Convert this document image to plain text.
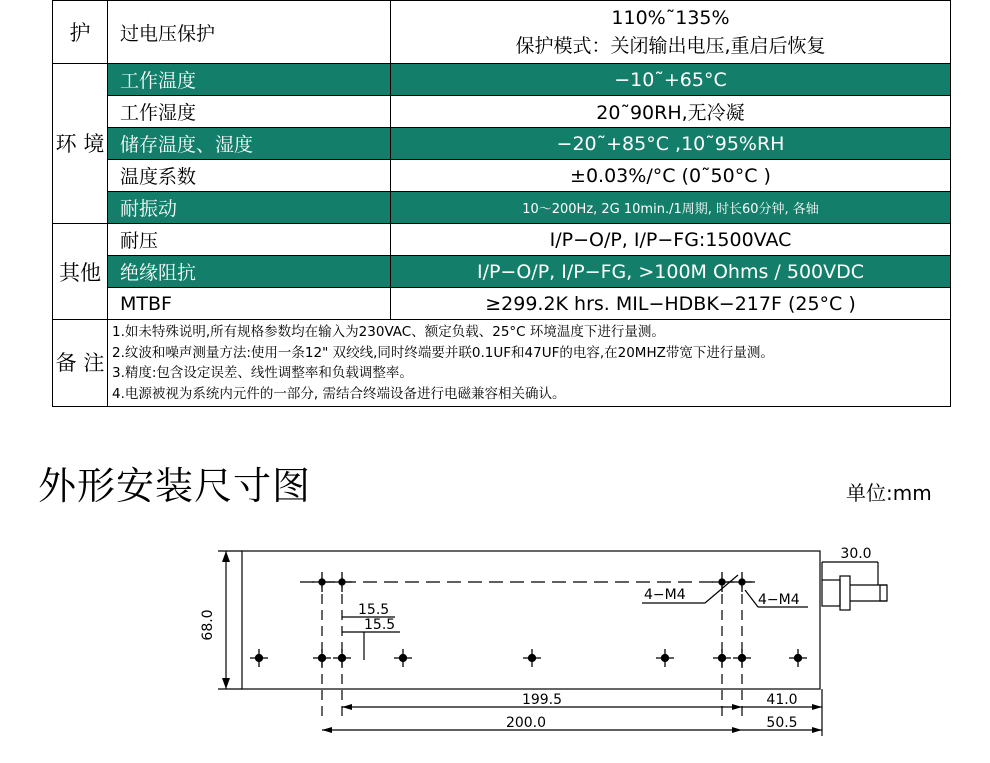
护	过电压保护	110%˜135%
保护模式：关闭输出电压,重启后恢复

环 境	工作温度	−10˜+65°C
	工作湿度	20˜90RH,无冷凝
	储存温度、湿度	−20˜+85°C ,10˜95%RH
	温度系数	±0.03%/°C (0˜50°C )
	耐振动	10～200Hz, 2G 10min./1周期, 时长60分钟, 各轴
其他	耐压	I/P−O/P, I/P−FG:1500VAC
	绝缘阻抗	I/P−O/P, I/P−FG, >100M Ohms / 500VDC
	MTBF	≥299.2K hrs. MIL−HDBK−217F (25°C )
备 注	1.如未特殊说明,所有规格参数均在输入为230VAC、额定负载、25°C 环境温度下进行量测。
2.纹波和噪声测量方法:使用一条12" 双绞线,同时终端要并联0.1UF和47UF的电容,在20MHZ带宽下进行量测。
3.精度:包含设定误差、线性调整率和负载调整率。
4.电源被视为系统内元件的一部分, 需结合终端设备进行电磁兼容相关确认。	
外形安装尺寸图	单位:mm
68.0
30.0
15.5
15.5
4−M4	4−M4
199.5
200.0
41.0
50.5
